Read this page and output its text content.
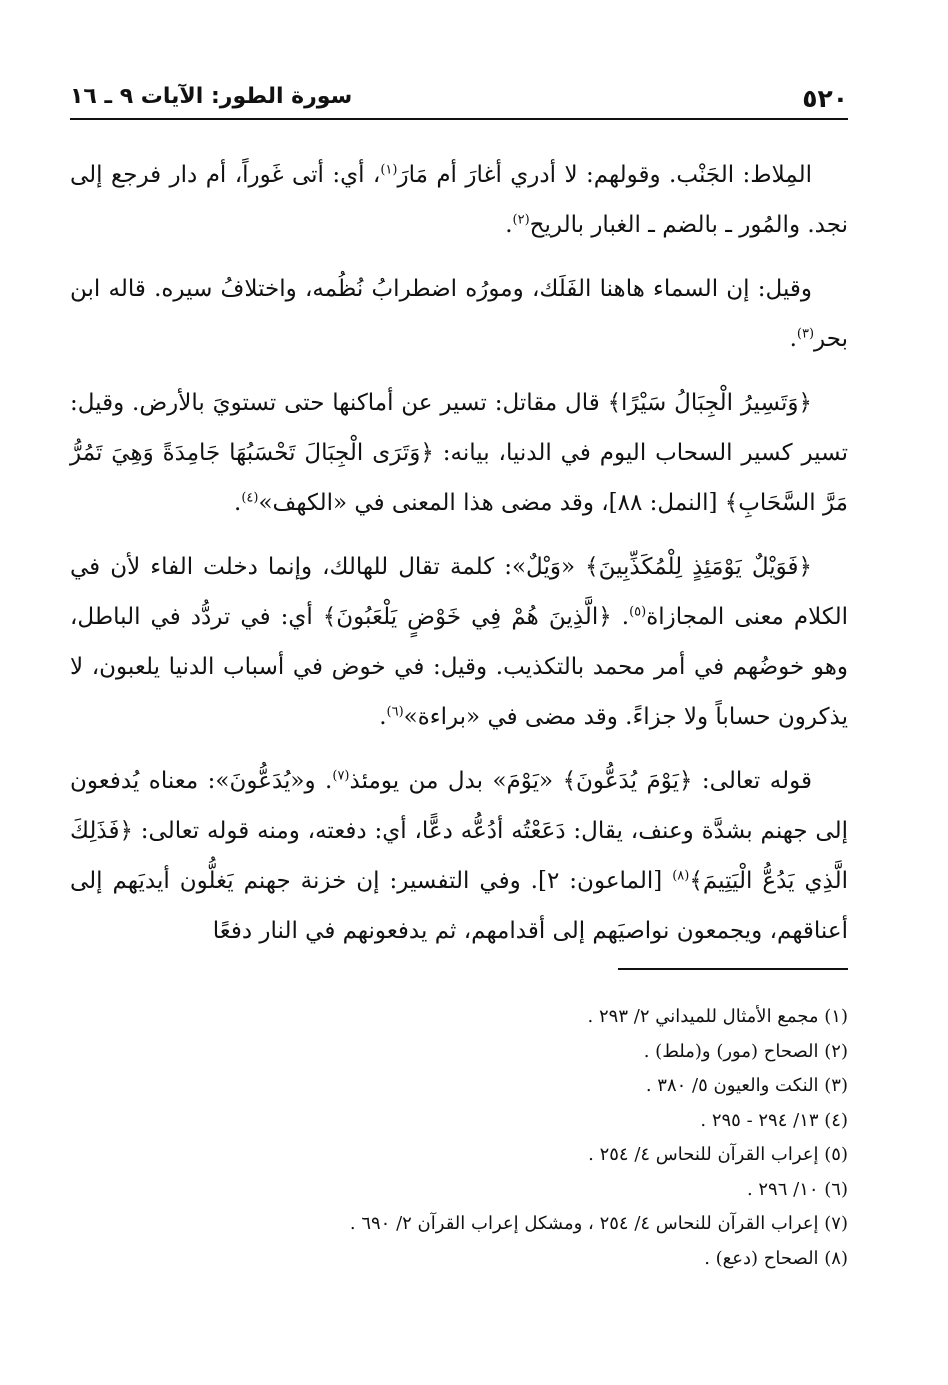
٥٢٠
سورة الطور: الآيات ٩ ـ ١٦

المِلاط: الجَنْب. وقولهم: لا أدري أغارَ أم مَارَ$^{(١)}$، أي: أتى غَوراً، أم دار فرجع إلى نجد. والمُور ـ بالضم ـ الغبار بالريح$^{(٢)}$.

وقيل: إن السماء هاهنا الفَلَك، ومورُه اضطرابُ نُظُمه، واختلافُ سيره. قاله ابن بحر$^{(٣)}$.

﴿وَتَسِيرُ الْجِبَالُ سَيْرًا﴾ قال مقاتل: تسير عن أماكنها حتى تستويَ بالأرض. وقيل: تسير كسير السحاب اليوم في الدنيا، بيانه: ﴿وَتَرَى الْجِبَالَ تَحْسَبُهَا جَامِدَةً وَهِيَ تَمُرُّ مَرَّ السَّحَابِ﴾ [النمل: ٨٨]، وقد مضى هذا المعنى في «الكهف»$^{(٤)}$.

﴿فَوَيْلٌ يَوْمَئِذٍ لِلْمُكَذِّبِينَ﴾ «وَيْلٌ»: كلمة تقال للهالك، وإنما دخلت الفاء لأن في الكلام معنى المجازاة$^{(٥)}$. ﴿الَّذِينَ هُمْ فِي خَوْضٍ يَلْعَبُونَ﴾ أي: في تردُّد في الباطل، وهو خوضُهم في أمر محمد بالتكذيب. وقيل: في خوض في أسباب الدنيا يلعبون، لا يذكرون حساباً ولا جزاءً. وقد مضى في «براءة»$^{(٦)}$.

قوله تعالى: ﴿يَوْمَ يُدَعُّونَ﴾ «يَوْمَ» بدل من يومئذ$^{(٧)}$. و«يُدَعُّونَ»: معناه يُدفعون إلى جهنم بشدَّة وعنف، يقال: دَعَعْتُه أدُعُّه دعًّا، أي: دفعته، ومنه قوله تعالى: ﴿فَذَلِكَ الَّذِي يَدُعُّ الْيَتِيمَ﴾$^{(٨)}$ [الماعون: ٢]. وفي التفسير: إن خزنة جهنم يَغلُّون أيديَهم إلى أعناقهم، ويجمعون نواصيَهم إلى أقدامهم، ثم يدفعونهم في النار دفعًا

(١) مجمع الأمثال للميداني ٢/ ٢٩٣ .
(٢) الصحاح (مور) و(ملط) .
(٣) النكت والعيون ٥/ ٣٨٠ .
(٤) ١٣/ ٢٩٤ - ٢٩٥ .
(٥) إعراب القرآن للنحاس ٤/ ٢٥٤ .
(٦) ١٠/ ٢٩٦ .
(٧) إعراب القرآن للنحاس ٤/ ٢٥٤ ، ومشكل إعراب القرآن ٢/ ٦٩٠ .
(٨) الصحاح (دعع) .
